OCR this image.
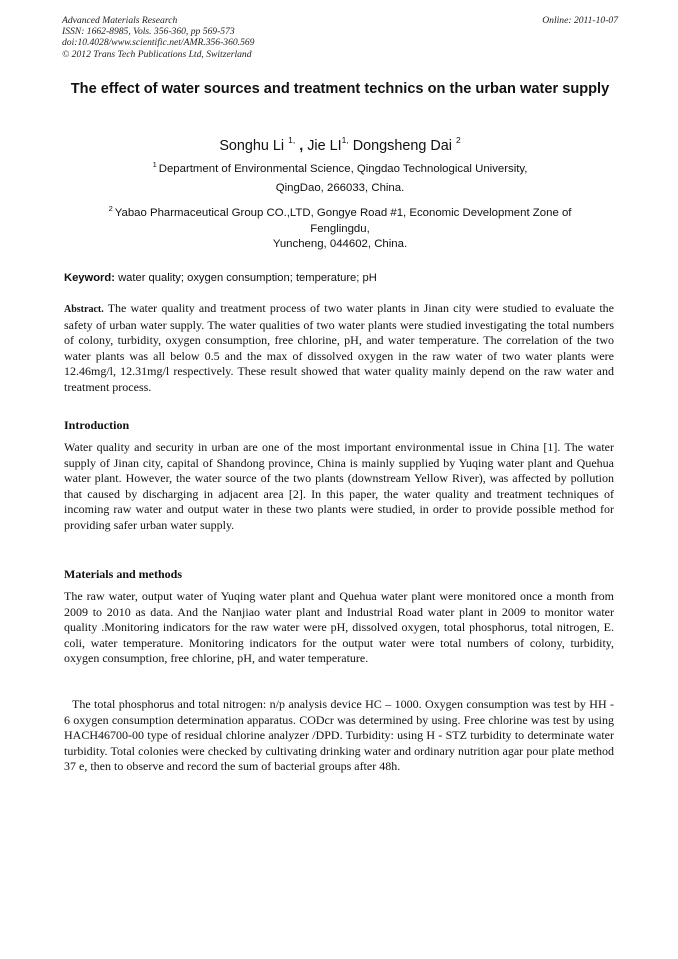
Advanced Materials Research
ISSN: 1662-8985, Vols. 356-360, pp 569-573
doi:10.4028/www.scientific.net/AMR.356-360.569
© 2012 Trans Tech Publications Ltd, Switzerland
Online: 2011-10-07
The effect of water sources and treatment technics on the urban water supply
Songhu Li $^{1,}$ , Jie $LI^{1,}$ Dongsheng Dai $^2$
$^1$ Department of Environmental Science, Qingdao Technological University,
QingDao, 266033, China.
$^2$ Yabao Pharmaceutical Group CO.,LTD, Gongye Road #1, Economic Development Zone of Fenglingdu,
Yuncheng, 044602, China.
Keyword: water quality; oxygen consumption; temperature; pH
Abstract. The water quality and treatment process of two water plants in Jinan city were studied to evaluate the safety of urban water supply. The water qualities of two water plants were studied investigating the total numbers of colony, turbidity, oxygen consumption, free chlorine, pH, and water temperature. The correlation of the two water plants was all below 0.5 and the max of dissolved oxygen in the raw water of two water plants were 12.46mg/l, 12.31mg/l respectively. These result showed that water quality mainly depend on the raw water and treatment process.
Introduction
Water quality and security in urban are one of the most important environmental issue in China [1]. The water supply of Jinan city, capital of Shandong province, China is mainly supplied by Yuqing water plant and Quehua water plant. However, the water source of the two plants (downstream Yellow River), was affected by pollution that caused by discharging in adjacent area [2]. In this paper, the water quality and treatment techniques of incoming raw water and output water in these two plants were studied, in order to provide possible method for providing safer urban water supply.
Materials and methods
The raw water, output water of Yuqing water plant and Quehua water plant were monitored once a month from 2009 to 2010 as data. And the Nanjiao water plant and Industrial Road water plant in 2009 to monitor water quality .Monitoring indicators for the raw water were pH, dissolved oxygen, total phosphorus, total nitrogen, E. coli, water temperature. Monitoring indicators for the output water were total numbers of colony, turbidity, oxygen consumption, free chlorine, pH, and water temperature.
The total phosphorus and total nitrogen: n/p analysis device HC – 1000. Oxygen consumption was test by HH - 6 oxygen consumption determination apparatus. CODcr was determined by using. Free chlorine was test by using HACH46700-00 type of residual chlorine analyzer /DPD. Turbidity: using H - STZ turbidity to determinate water turbidity. Total colonies were checked by cultivating drinking water and ordinary nutrition agar pour plate method 37 e, then to observe and record the sum of bacterial groups after 48h.
